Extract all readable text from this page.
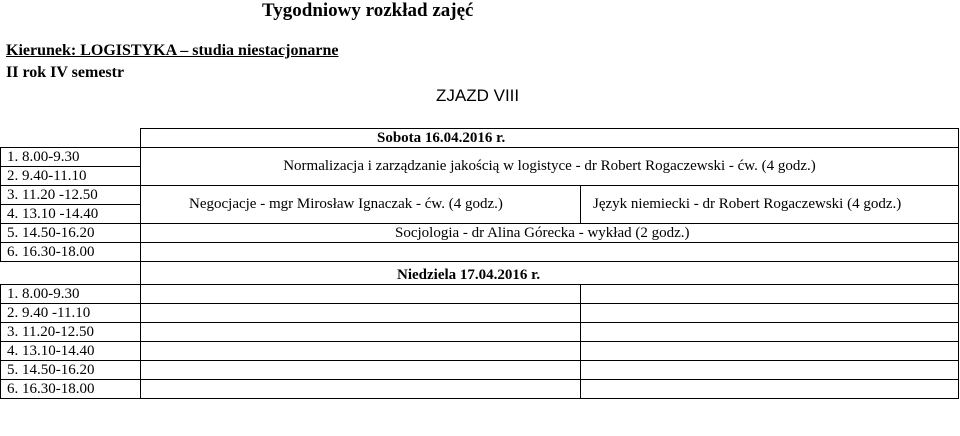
Tygodniowy rozkład zajęć
Kierunek: LOGISTYKA – studia niestacjonarne
II rok IV semestr
ZJAZD VIII
	Sobota 16.04.2016 r.	
1. 8.00-9.30	Normalizacja i zarządzanie jakością w logistyce - dr Robert Rogaczewski - ćw. (4 godz.)	
2. 9.40-11.10		
3. 11.20 -12.50	Negocjacje - mgr Mirosław Ignaczak - ćw. (4 godz.)	Język niemiecki - dr Robert Rogaczewski (4 godz.)
4. 13.10 -14.40		
5. 14.50-16.20	Socjologia - dr Alina Górecka - wykład (2 godz.)	
6. 16.30-18.00		
	Niedziela 17.04.2016 r.	
1. 8.00-9.30		
2. 9.40 -11.10		
3. 11.20-12.50		
4. 13.10-14.40		
5. 14.50-16.20		
6. 16.30-18.00		
